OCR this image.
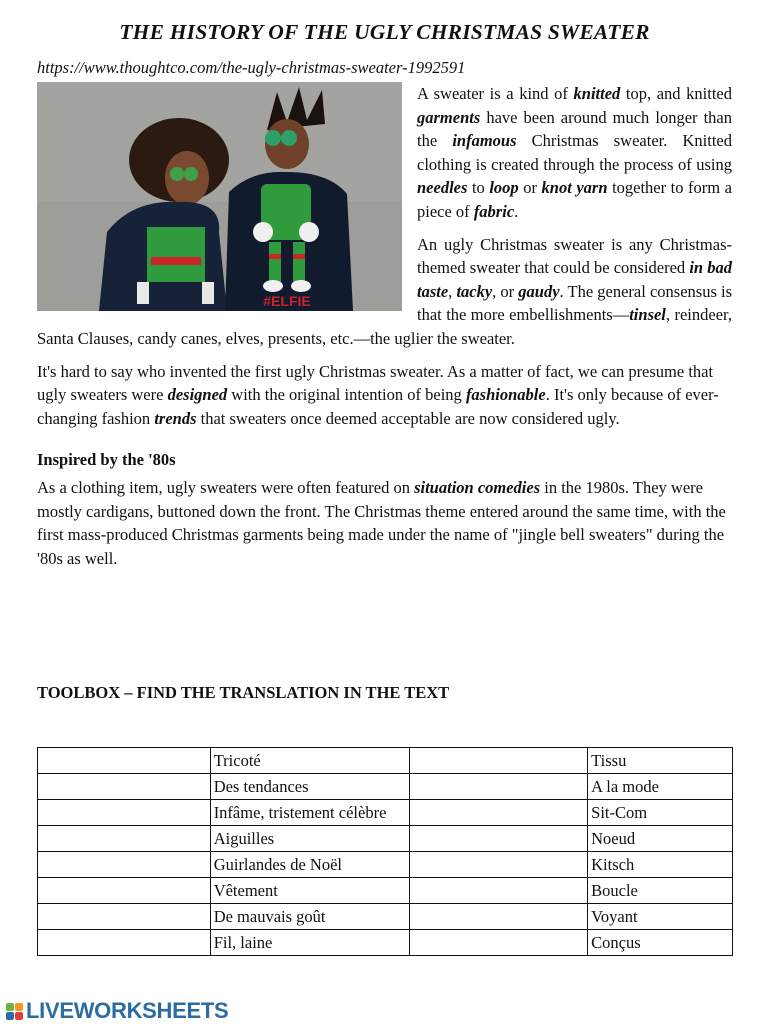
THE HISTORY OF THE UGLY CHRISTMAS SWEATER
https://www.thoughtco.com/the-ugly-christmas-sweater-1992591
#ELFIE

A sweater is a kind of knitted top, and knitted garments have been around much longer than the infamous Christmas sweater. Knitted clothing is created through the process of using needles to loop or knot yarn together to form a piece of fabric.

An ugly Christmas sweater is any Christmas-themed sweater that could be considered in bad taste, tacky, or gaudy. The general consensus is that the more embellishments—tinsel, reindeer, Santa Clauses, candy canes, elves, presents, etc.—the uglier the sweater.

It's hard to say who invented the first ugly Christmas sweater. As a matter of fact, we can presume that ugly sweaters were designed with the original intention of being fashionable. It's only because of ever-changing fashion trends that sweaters once deemed acceptable are now considered ugly.

Inspired by the '80s

As a clothing item, ugly sweaters were often featured on situation comedies in the 1980s. They were mostly cardigans, buttoned down the front. The Christmas theme entered around the same time, with the first mass-produced Christmas garments being made under the name of "jingle bell sweaters" during the '80s as well.

TOOLBOX – FIND THE TRANSLATION IN THE TEXT
	Tricoté		Tissu
	Des tendances		A la mode
	Infâme, tristement célèbre		Sit-Com
	Aiguilles		Noeud
	Guirlandes de Noël		Kitsch
	Vêtement		Boucle
	De mauvais goût		Voyant
	Fil, laine		Conçus
LIVEWORKSHEETS
